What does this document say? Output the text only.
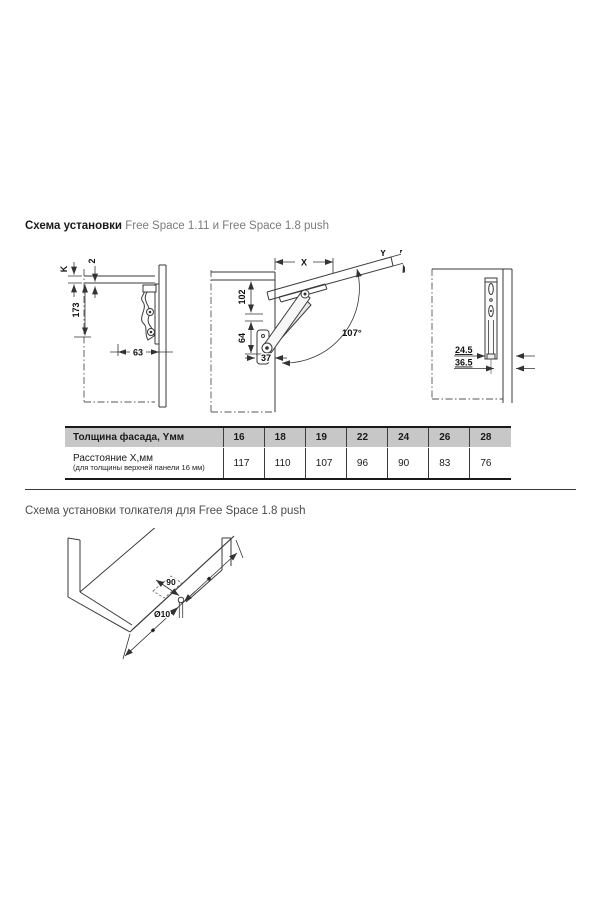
Схема установки Free Space 1.11 и Free Space 1.8 push
K
2
173
63
X
Y
102
64
37
107°
24.5
36.5
Толщина фасада, Yмм	16	18	19	22	24	26	28
Расстояние X,мм
(для толщины верхней панели 16 мм)	117	110	107	96	90	83	76
Схема установки толкателя для Free Space 1.8 push
90
Ø10
